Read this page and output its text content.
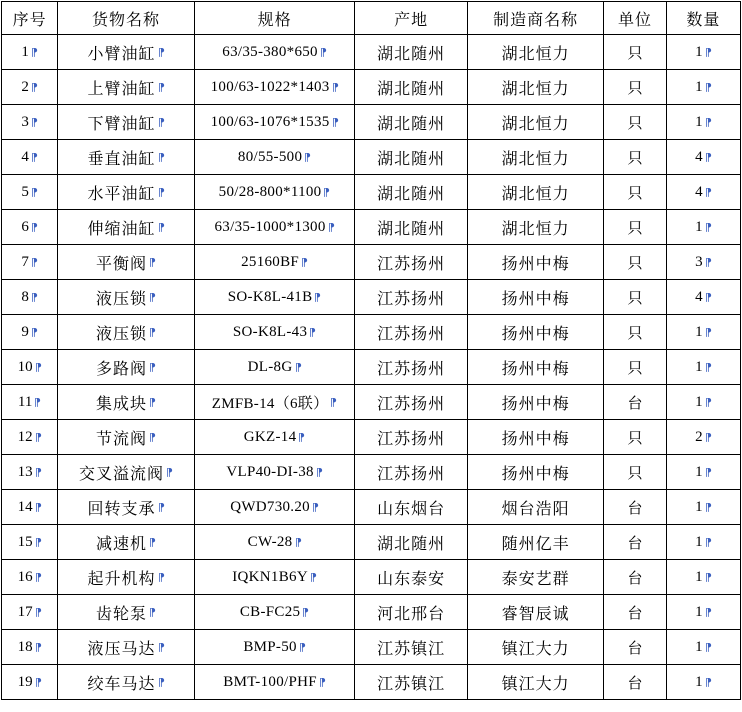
序号	货物名称	规格	产地	制造商名称	单位	数量

1 ¶	小臂油缸 ¶	63/35-380*650 ¶	湖北随州	湖北恒力	只	1 ¶

2 ¶	上臂油缸 ¶	100/63-1022*1403 ¶	湖北随州	湖北恒力	只	1 ¶

3 ¶	下臂油缸 ¶	100/63-1076*1535 ¶	湖北随州	湖北恒力	只	1 ¶

4 ¶	垂直油缸 ¶	80/55-500 ¶	湖北随州	湖北恒力	只	4 ¶

5 ¶	水平油缸 ¶	50/28-800*1100 ¶	湖北随州	湖北恒力	只	4 ¶

6 ¶	伸缩油缸 ¶	63/35-1000*1300 ¶	湖北随州	湖北恒力	只	1 ¶

7 ¶	平衡阀 ¶	25160BF ¶	江苏扬州	扬州中梅	只	3 ¶

8 ¶	液压锁 ¶	SO-K8L-41B ¶	江苏扬州	扬州中梅	只	4 ¶

9 ¶	液压锁 ¶	SO-K8L-43 ¶	江苏扬州	扬州中梅	只	1 ¶

10 ¶	多路阀 ¶	DL-8G ¶	江苏扬州	扬州中梅	只	1 ¶

11 ¶	集成块 ¶	ZMFB-14（6联） ¶	江苏扬州	扬州中梅	台	1 ¶

12 ¶	节流阀 ¶	GKZ-14 ¶	江苏扬州	扬州中梅	只	2 ¶

13 ¶	交叉溢流阀 ¶	VLP40-DI-38 ¶	江苏扬州	扬州中梅	只	1 ¶

14 ¶	回转支承 ¶	QWD730.20 ¶	山东烟台	烟台浩阳	台	1 ¶

15 ¶	减速机 ¶	CW-28 ¶	湖北随州	随州亿丰	台	1 ¶

16 ¶	起升机构 ¶	IQKN1B6Y ¶	山东泰安	泰安艺群	台	1 ¶

17 ¶	齿轮泵 ¶	CB-FC25 ¶	河北邢台	睿智辰诚	台	1 ¶

18 ¶	液压马达 ¶	BMP-50 ¶	江苏镇江	镇江大力	台	1 ¶

19 ¶	绞车马达 ¶	BMT-100/PHF ¶	江苏镇江	镇江大力	台	1 ¶
